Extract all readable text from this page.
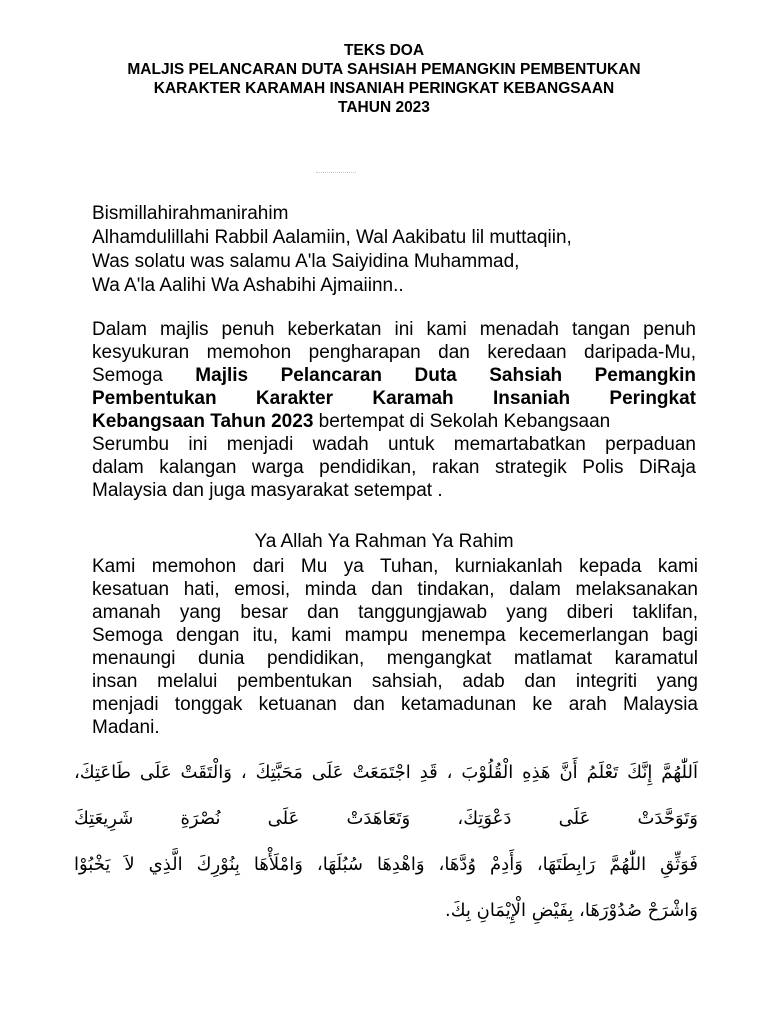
TEKS DOA
MALJIS PELANCARAN DUTA SAHSIAH PEMANGKIN PEMBENTUKAN
KARAKTER KARAMAH INSANIAH PERINGKAT KEBANGSAAN
TAHUN 2023
Bismillahirahmanirahim
Alhamdulillahi Rabbil Aalamiin, Wal Aakibatu lil muttaqiin,
Was solatu was salamu A'la Saiyidina Muhammad,
Wa A'la Aalihi Wa Ashabihi Ajmaiinn..
Dalam majlis penuh keberkatan ini kami menadah tangan penuh
kesyukuran memohon pengharapan dan keredaan daripada-Mu,
Semoga Majlis Pelancaran Duta Sahsiah Pemangkin
Pembentukan Karakter Karamah Insaniah Peringkat
Kebangsaan Tahun 2023 bertempat di Sekolah Kebangsaan
Serumbu ini menjadi wadah untuk memartabatkan perpaduan
dalam kalangan warga pendidikan, rakan strategik Polis DiRaja
Malaysia dan juga masyarakat setempat .
Ya Allah Ya Rahman Ya Rahim
Kami memohon dari Mu ya Tuhan, kurniakanlah kepada kami
kesatuan hati, emosi, minda dan tindakan, dalam melaksanakan
amanah yang besar dan tanggungjawab yang diberi taklifan,
Semoga dengan itu, kami mampu menempa kecemerlangan bagi
menaungi dunia pendidikan, mengangkat matlamat karamatul
insan melalui pembentukan sahsiah, adab dan integriti yang
menjadi tonggak ketuanan dan ketamadunan ke arah Malaysia
Madani.
اَللّٰهُمَّ إِنَّكَ تَعْلَمُ أَنَّ هَذِهِ الْقُلُوْبَ ، قَدِ اجْتَمَعَتْ عَلَى مَحَبَّتِكَ ، وَالْتَقَتْ عَلَى طَاعَتِكَ،
وَتَوَحَّدَتْ عَلَى دَعْوَتِكَ، وَتَعَاهَدَتْ عَلَى نُصْرَةِ شَرِيعَتِكَ
فَوَثِّقِ اللّٰهُمَّ رَابِطَتَهَا، وَأَدِمْ وُدَّهَا، وَاهْدِهَا سُبُلَهَا، وَامْلَأْهَا بِنُوْرِكَ الَّذِي لاَ يَخْبُوْا
وَاشْرَحْ صُدُوْرَهَا، بِفَيْضِ الْإِيْمَانِ بِكَ.
